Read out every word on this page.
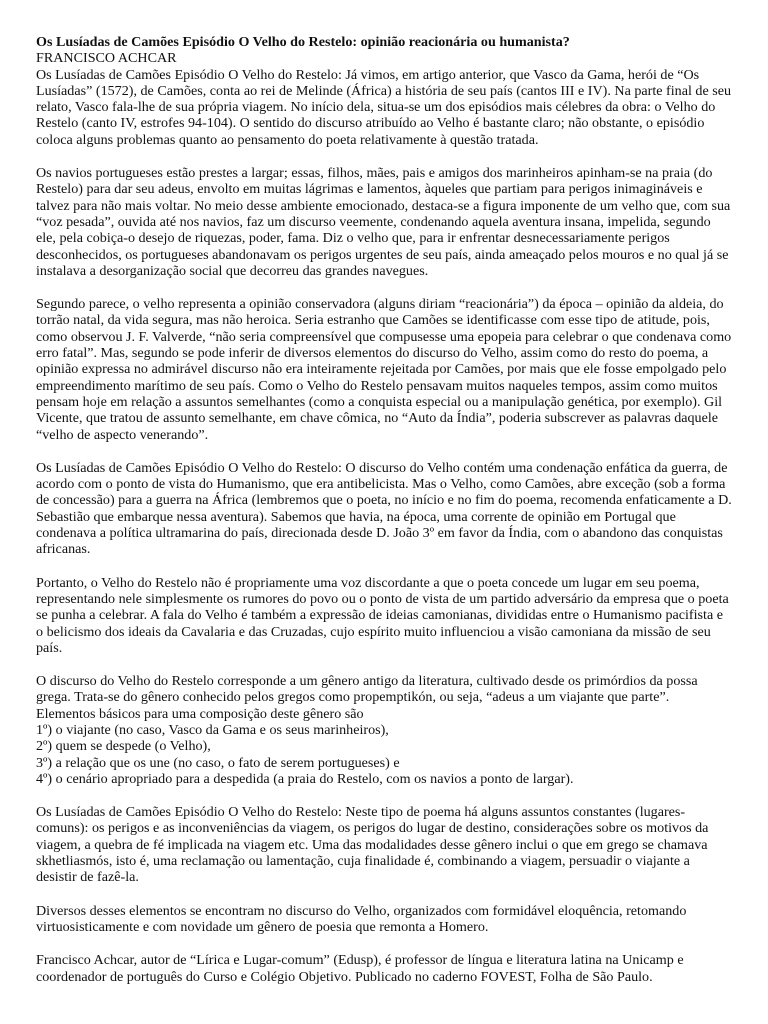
Os Lusíadas de Camões Episódio O Velho do Restelo: opinião reacionária ou humanista?

FRANCISCO ACHCAR

Os Lusíadas de Camões Episódio O Velho do Restelo: Já vimos, em artigo anterior, que Vasco da Gama, herói de “Os Lusíadas” (1572), de Camões, conta ao rei de Melinde (África) a história de seu país (cantos III e IV). Na parte final de seu relato, Vasco fala-lhe de sua própria viagem. No início dela, situa-se um dos episódios mais célebres da obra: o Velho do Restelo (canto IV, estrofes 94-104). O sentido do discurso atribuído ao Velho é bastante claro; não obstante, o episódio coloca alguns problemas quanto ao pensamento do poeta relativamente à questão tratada.

Os navios portugueses estão prestes a largar; essas, filhos, mães, pais e amigos dos marinheiros apinham-se na praia (do Restelo) para dar seu adeus, envolto em muitas lágrimas e lamentos, àqueles que partiam para perigos inimagináveis e talvez para não mais voltar. No meio desse ambiente emocionado, destaca-se a figura imponente de um velho que, com sua “voz pesada”, ouvida até nos navios, faz um discurso veemente, condenando aquela aventura insana, impelida, segundo ele, pela cobiça-o desejo de riquezas, poder, fama. Diz o velho que, para ir enfrentar desnecessariamente perigos desconhecidos, os portugueses abandonavam os perigos urgentes de seu país, ainda ameaçado pelos mouros e no qual já se instalava a desorganização social que decorreu das grandes navegues.

Segundo parece, o velho representa a opinião conservadora (alguns diriam “reacionária”) da época – opinião da aldeia, do torrão natal, da vida segura, mas não heroica. Seria estranho que Camões se identificasse com esse tipo de atitude, pois, como observou J. F. Valverde, “não seria compreensível que compusesse uma epopeia para celebrar o que condenava como erro fatal”. Mas, segundo se pode inferir de diversos elementos do discurso do Velho, assim como do resto do poema, a opinião expressa no admirável discurso não era inteiramente rejeitada por Camões, por mais que ele fosse empolgado pelo empreendimento marítimo de seu país. Como o Velho do Restelo pensavam muitos naqueles tempos, assim como muitos pensam hoje em relação a assuntos semelhantes (como a conquista especial ou a manipulação genética, por exemplo). Gil Vicente, que tratou de assunto semelhante, em chave cômica, no “Auto da Índia”, poderia subscrever as palavras daquele “velho de aspecto venerando”.

Os Lusíadas de Camões Episódio O Velho do Restelo: O discurso do Velho contém uma condenação enfática da guerra, de acordo com o ponto de vista do Humanismo, que era antibelicista. Mas o Velho, como Camões, abre exceção (sob a forma de concessão) para a guerra na África (lembremos que o poeta, no início e no fim do poema, recomenda enfaticamente a D. Sebastião que embarque nessa aventura). Sabemos que havia, na época, uma corrente de opinião em Portugal que condenava a política ultramarina do país, direcionada desde D. João 3º em favor da Índia, com o abandono das conquistas africanas.

Portanto, o Velho do Restelo não é propriamente uma voz discordante a que o poeta concede um lugar em seu poema, representando nele simplesmente os rumores do povo ou o ponto de vista de um partido adversário da empresa que o poeta se punha a celebrar. A fala do Velho é também a expressão de ideias camonianas, divididas entre o Humanismo pacifista e o belicismo dos ideais da Cavalaria e das Cruzadas, cujo espírito muito influenciou a visão camoniana da missão de seu país.

O discurso do Velho do Restelo corresponde a um gênero antigo da literatura, cultivado desde os primórdios da possa grega. Trata-se do gênero conhecido pelos gregos como propemptikón, ou seja, “adeus a um viajante que parte”. Elementos básicos para uma composição deste gênero são

1º) o viajante (no caso, Vasco da Gama e os seus marinheiros),

2º) quem se despede (o Velho),

3º) a relação que os une (no caso, o fato de serem portugueses) e

4º) o cenário apropriado para a despedida (a praia do Restelo, com os navios a ponto de largar).

Os Lusíadas de Camões Episódio O Velho do Restelo: Neste tipo de poema há alguns assuntos constantes (lugares-comuns): os perigos e as inconveniências da viagem, os perigos do lugar de destino, considerações sobre os motivos da viagem, a quebra de fé implicada na viagem etc. Uma das modalidades desse gênero inclui o que em grego se chamava skhetliasmós, isto é, uma reclamação ou lamentação, cuja finalidade é, combinando a viagem, persuadir o viajante a desistir de fazê-la.

Diversos desses elementos se encontram no discurso do Velho, organizados com formidável eloquência, retomando virtuosisticamente e com novidade um gênero de poesia que remonta a Homero.

Francisco Achcar, autor de “Lírica e Lugar-comum” (Edusp), é professor de língua e literatura latina na Unicamp e coordenador de português do Curso e Colégio Objetivo. Publicado no caderno FOVEST, Folha de São Paulo.
